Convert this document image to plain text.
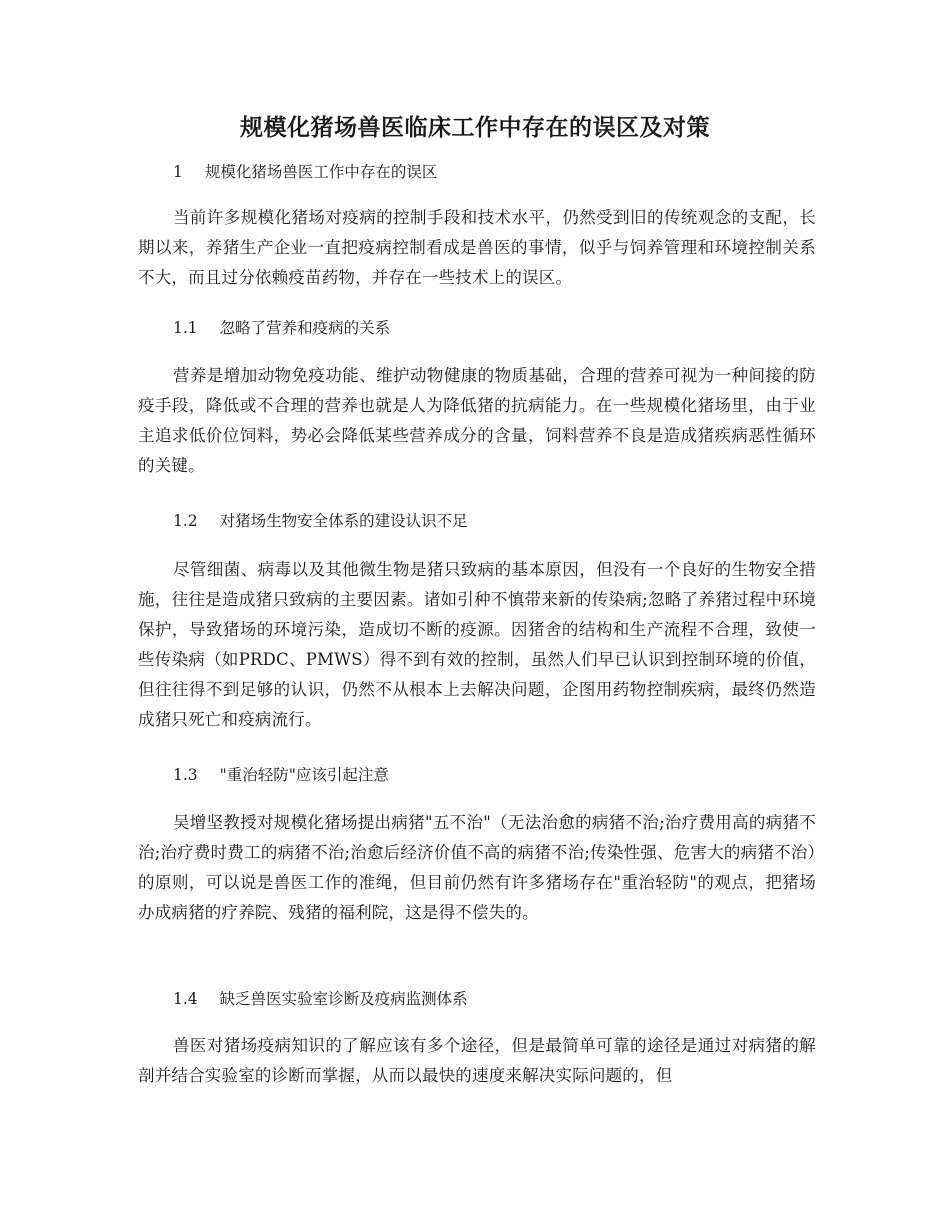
规模化猪场兽医临床工作中存在的误区及对策
1 规模化猪场兽医工作中存在的误区

当前许多规模化猪场对疫病的控制手段和技术水平，仍然受到旧的传统观念的支配，长期以来，养猪生产企业一直把疫病控制看成是兽医的事情，似乎与饲养管理和环境控制关系不大，而且过分依赖疫苗药物，并存在一些技术上的误区。

1.1 忽略了营养和疫病的关系

营养是增加动物免疫功能、维护动物健康的物质基础，合理的营养可视为一种间接的防疫手段，降低或不合理的营养也就是人为降低猪的抗病能力。在一些规模化猪场里，由于业主追求低价位饲料，势必会降低某些营养成分的含量，饲料营养不良是造成猪疾病恶性循环的关键。

1.2 对猪场生物安全体系的建设认识不足

尽管细菌、病毒以及其他微生物是猪只致病的基本原因，但没有一个良好的生物安全措施，往往是造成猪只致病的主要因素。诸如引种不慎带来新的传染病;忽略了养猪过程中环境保护，导致猪场的环境污染，造成切不断的疫源。因猪舍的结构和生产流程不合理，致使一些传染病（如PRDC、PMWS）得不到有效的控制，虽然人们早已认识到控制环境的价值，但往往得不到足够的认识，仍然不从根本上去解决问题，企图用药物控制疾病，最终仍然造成猪只死亡和疫病流行。

1.3 "重治轻防"应该引起注意

吴增坚教授对规模化猪场提出病猪"五不治"（无法治愈的病猪不治;治疗费用高的病猪不治;治疗费时费工的病猪不治;治愈后经济价值不高的病猪不治;传染性强、危害大的病猪不治）的原则，可以说是兽医工作的准绳，但目前仍然有许多猪场存在"重治轻防"的观点，把猪场办成病猪的疗养院、残猪的福利院，这是得不偿失的。

1.4 缺乏兽医实验室诊断及疫病监测体系

兽医对猪场疫病知识的了解应该有多个途径，但是最简单可靠的途径是通过对病猪的解剖并结合实验室的诊断而掌握，从而以最快的速度来解决实际问题的，但
